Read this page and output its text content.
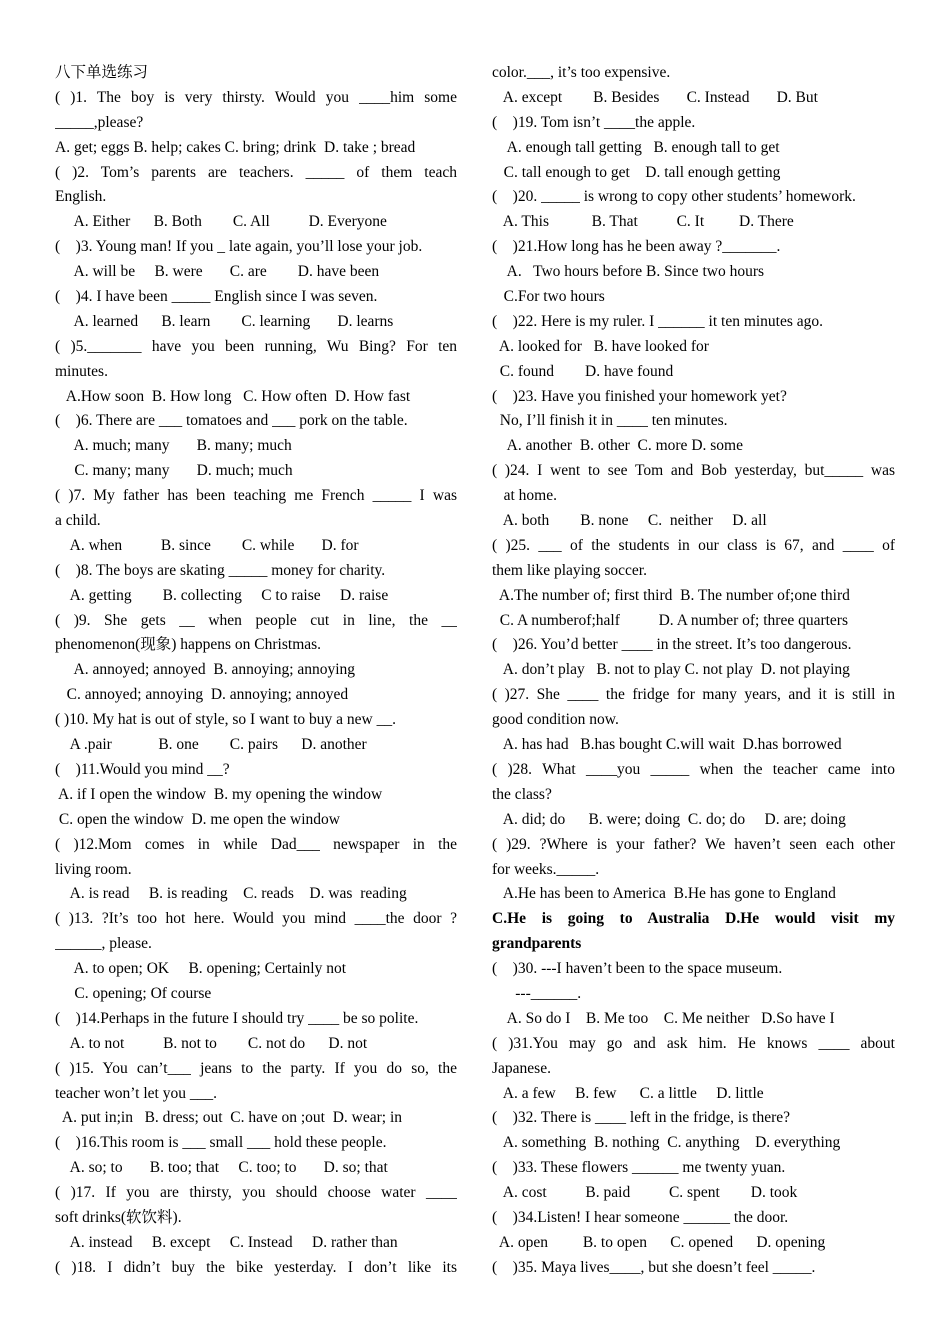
八下单选练习
( )1. The boy is very thirsty. Would you ____him some
_____,please?
A. get; eggs B. help; cakes C. bring; drink  D. take ; bread
( )2. Tom’s parents are teachers. _____ of them teach
English.
A. Either      B. Both        C. All          D. Everyone
(    )3. Young man! If you _ late again, you’ll lose your job.
A. will be     B. were       C. are        D. have been
(    )4. I have been _____ English since I was seven.
A. learned      B. learn        C. learning       D. learns
( )5._______ have you been running, Wu Bing? For ten
minutes.
A.How soon  B. How long   C. How often  D. How fast
(    )6. There are ___ tomatoes and ___ pork on the table.
A. much; many       B. many; much
C. many; many       D. much; much
( )7. My father has been teaching me French _____ I was
a child.
A. when          B. since        C. while       D. for
(    )8. The boys are skating _____ money for charity.
A. getting        B. collecting     C to raise     D. raise
( )9. She gets __ when people cut in line, the __
phenomenon(现象) happens on Christmas.
A. annoyed; annoyed  B. annoying; annoying
C. annoyed; annoying  D. annoying; annoyed
( )10. My hat is out of style, so I want to buy a new __.
A .pair            B. one        C. pairs      D. another
(    )11.Would you mind __?
A. if I open the window  B. my opening the window
C. open the window  D. me open the window
( )12.Mom comes in while Dad___ newspaper in the
living room.
A. is read     B. is reading    C. reads    D. was  reading
( )13. ?It’s too hot here. Would you mind ____the door ?
______, please.
A. to open; OK     B. opening; Certainly not
C. opening; Of course
(    )14.Perhaps in the future I should try ____ be so polite.
A. to not          B. not to        C. not do      D. not
( )15. You can’t___ jeans to the party. If you do so, the
teacher won’t let you ___.
A. put in;in   B. dress; out  C. have on ;out  D. wear; in
(    )16.This room is ___ small ___ hold these people.
A. so; to       B. too; that     C. too; to       D. so; that
( )17. If you are thirsty, you should choose water ____
soft drinks(软饮料).
A. instead     B. except     C. Instead     D. rather than
( )18. I didn’t buy the bike yesterday. I don’t like its
color.___, it’s too expensive.
A. except        B. Besides       C. Instead       D. But
(    )19. Tom isn’t ____the apple.
A. enough tall getting   B. enough tall to get
C. tall enough to get    D. tall enough getting
(    )20. _____ is wrong to copy other students’ homework.
A. This           B. That          C. It         D. There
(    )21.How long has he been away ?_______.
A.   Two hours before B. Since two hours
C.For two hours
(    )22. Here is my ruler. I ______ it ten minutes ago.
A. looked for   B. have looked for
C. found        D. have found
(    )23. Have you finished your homework yet?
No, I’ll finish it in ____ ten minutes.
A. another  B. other  C. more D. some
( )24. I went to see Tom and Bob yesterday, but_____ was
at home.
A. both        B. none     C.  neither     D. all
( )25. ___ of the students in our class is 67, and ____ of
them like playing soccer.
A.The number of; first third  B. The number of;one third
C. A numberof;half          D. A number of; three quarters
(    )26. You’d better ____ in the street. It’s too dangerous.
A. don’t play   B. not to play C. not play  D. not playing
( )27. She ____ the fridge for many years, and it is still in
good condition now.
A. has had   B.has bought C.will wait  D.has borrowed
( )28. What ____you _____ when the teacher came into
the class?
A. did; do      B. were; doing  C. do; do     D. are; doing
( )29. ?Where is your father? We haven’t seen each other
for weeks._____.
A.He has been to America  B.He has gone to England
C.He is going to Australia D.He would visit my
grandparents
(    )30. ---I haven’t been to the space museum.
---______.
A. So do I    B. Me too    C. Me neither   D.So have I
( )31.You may go and ask him. He knows ____ about
Japanese.
A. a few     B. few      C. a little     D. little
(    )32. There is ____ left in the fridge, is there?
A. something  B. nothing  C. anything    D. everything
(    )33. These flowers ______ me twenty yuan.
A. cost          B. paid          C. spent        D. took
(    )34.Listen! I hear someone ______ the door.
A. open         B. to open      C. opened      D. opening
(    )35. Maya lives____, but she doesn’t feel _____.
